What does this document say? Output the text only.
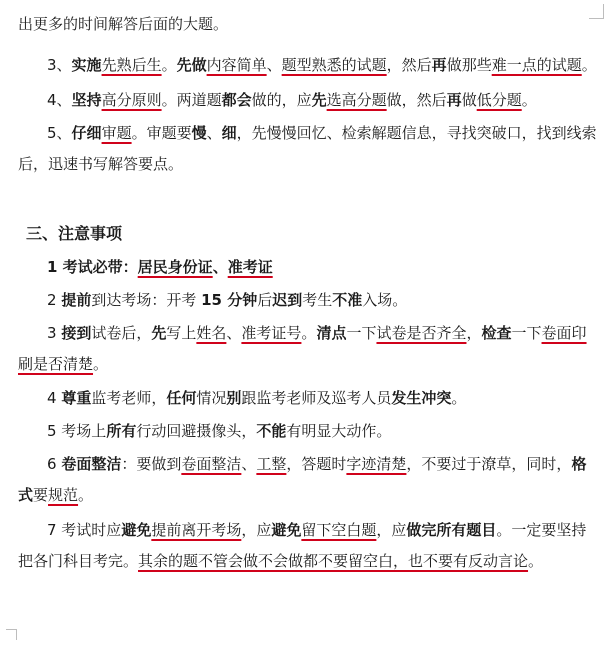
出更多的时间解答后面的大题。

3、实施先熟后生。先做内容简单、题型熟悉的试题，然后再做那些难一点的试题。

4、坚持高分原则。两道题都会做的，应先选高分题做，然后再做低分题。

5、仔细审题。审题要慢、细，先慢慢回忆、检索解题信息，寻找突破口，找到线索后，迅速书写解答要点。

三、注意事项

1 考试必带：居民身份证、准考证

2 提前到达考场：开考 15 分钟后迟到考生不准入场。

3 接到试卷后，先写上姓名、准考证号。清点一下试卷是否齐全，检查一下卷面印刷是否清楚。

4 尊重监考老师，任何情况别跟监考老师及巡考人员发生冲突。

5 考场上所有行动回避摄像头，不能有明显大动作。

6 卷面整洁：要做到卷面整洁、工整，答题时字迹清楚，不要过于潦草，同时，格式要规范。

7 考试时应避免提前离开考场，应避免留下空白题，应做完所有题目。一定要坚持把各门科目考完。其余的题不管会做不会做都不要留空白，也不要有反动言论。
